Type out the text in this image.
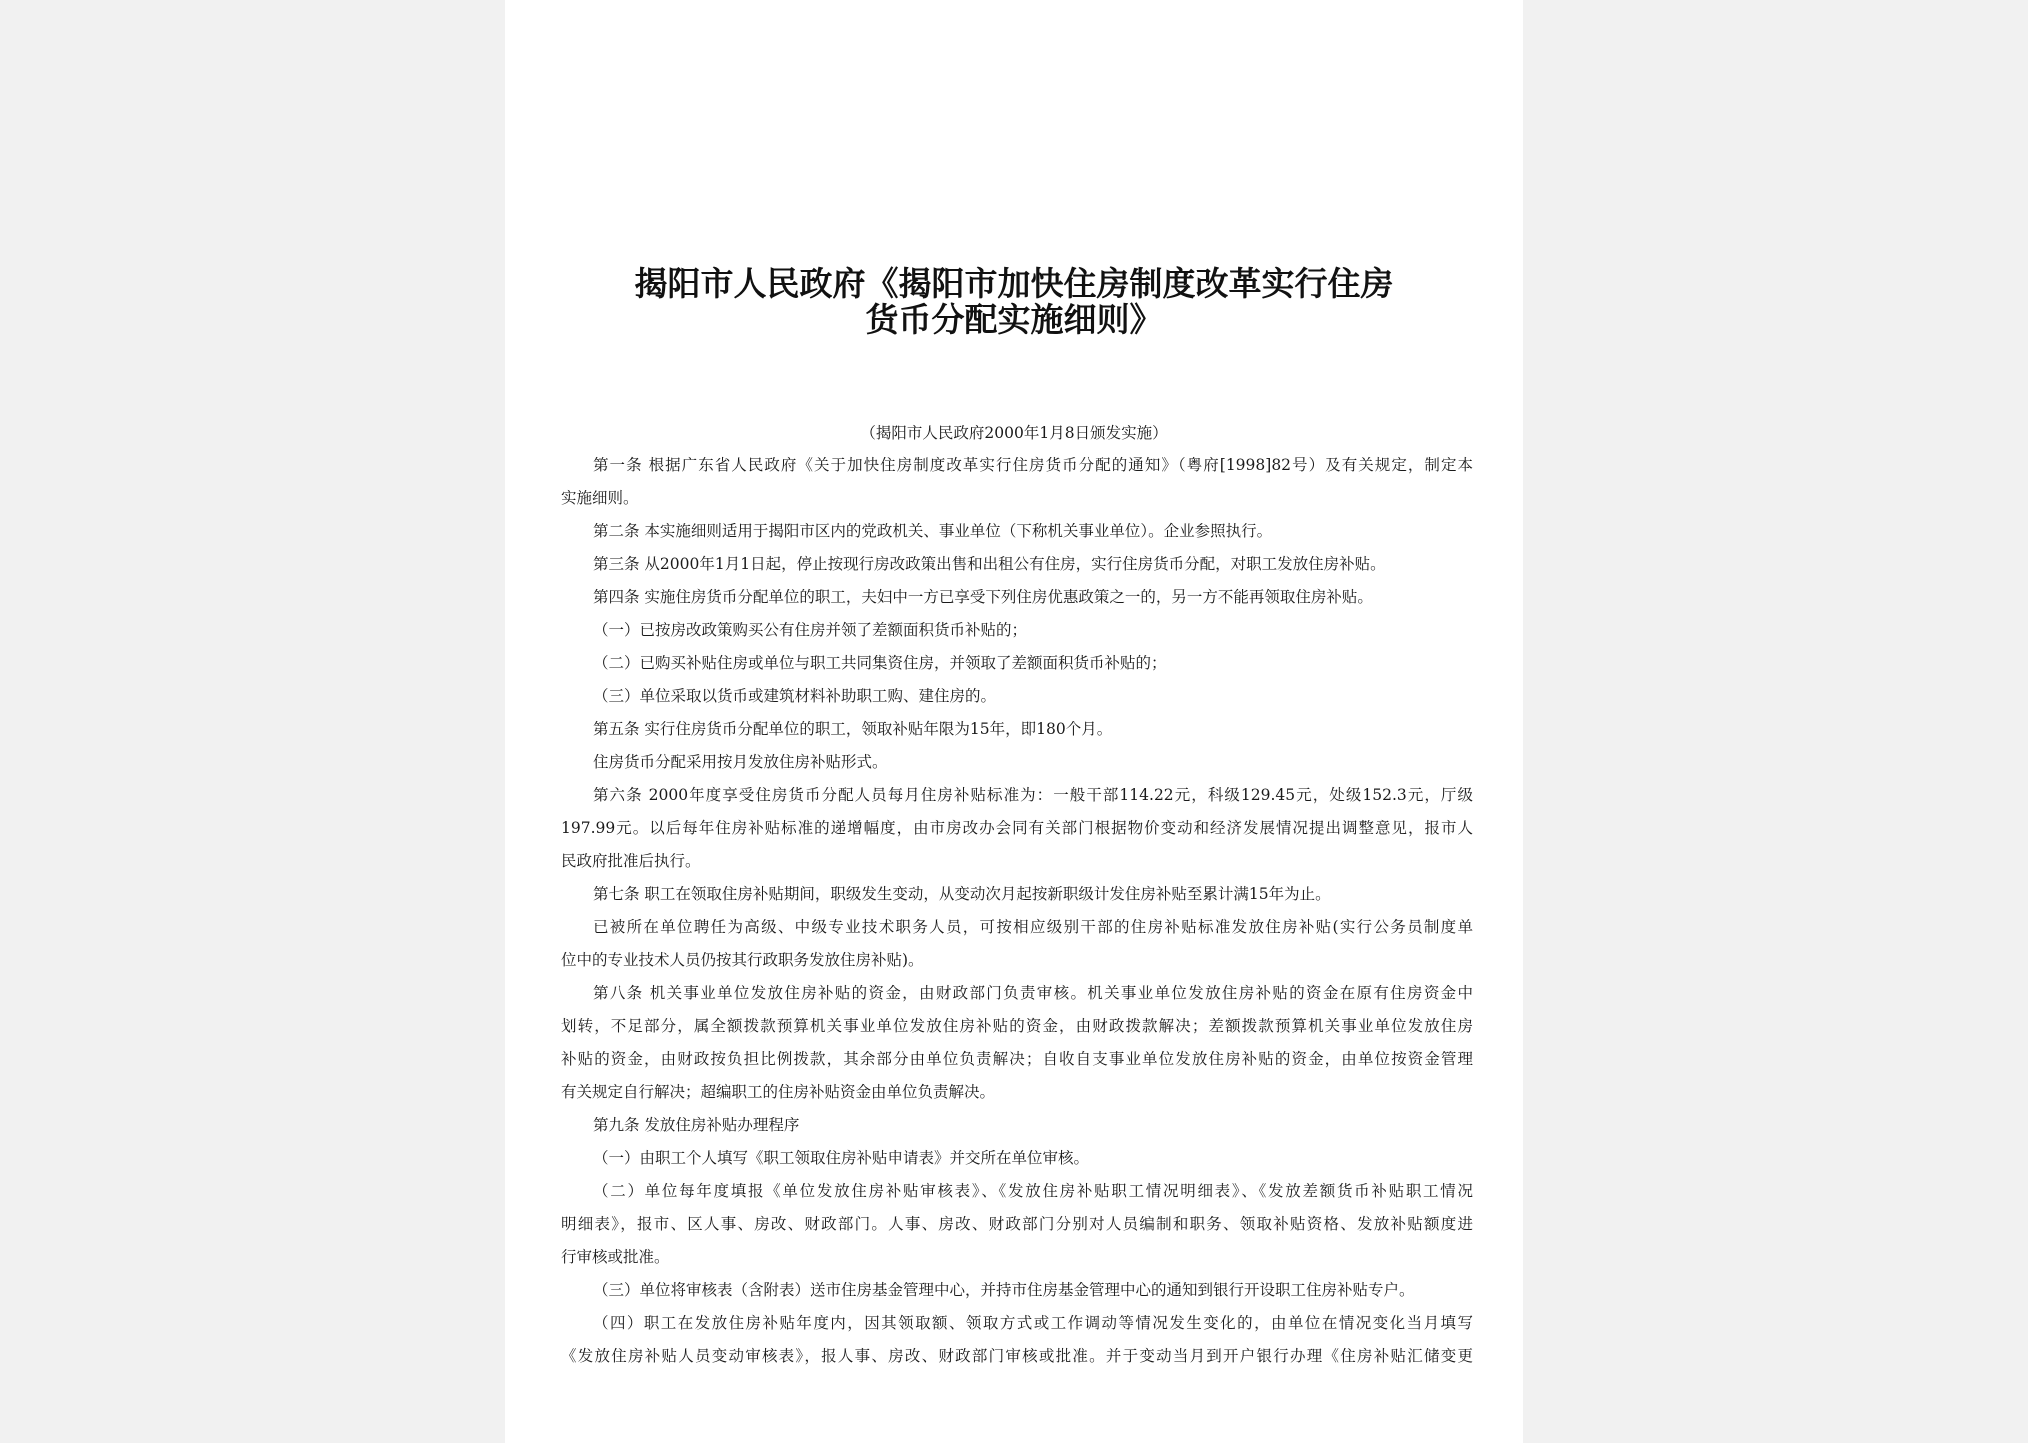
揭阳市人民政府《揭阳市加快住房制度改革实行住房
货币分配实施细则》
（揭阳市人民政府2000年1月8日颁发实施）
第一条 根据广东省人民政府《关于加快住房制度改革实行住房货币分配的通知》（粤府[1998]82号）及有关规定，制定本
实施细则。
第二条 本实施细则适用于揭阳市区内的党政机关、事业单位（下称机关事业单位）。企业参照执行。
第三条 从2000年1月1日起，停止按现行房改政策出售和出租公有住房，实行住房货币分配，对职工发放住房补贴。
第四条 实施住房货币分配单位的职工，夫妇中一方已享受下列住房优惠政策之一的，另一方不能再领取住房补贴。
（一）已按房改政策购买公有住房并领了差额面积货币补贴的；
（二）已购买补贴住房或单位与职工共同集资住房，并领取了差额面积货币补贴的；
（三）单位采取以货币或建筑材料补助职工购、建住房的。
第五条 实行住房货币分配单位的职工，领取补贴年限为15年，即180个月。
住房货币分配采用按月发放住房补贴形式。
第六条 2000年度享受住房货币分配人员每月住房补贴标准为：一般干部114.22元，科级129.45元，处级152.3元，厅级
197.99元。以后每年住房补贴标准的递增幅度，由市房改办会同有关部门根据物价变动和经济发展情况提出调整意见，报市人
民政府批准后执行。
第七条 职工在领取住房补贴期间，职级发生变动，从变动次月起按新职级计发住房补贴至累计满15年为止。
已被所在单位聘任为高级、中级专业技术职务人员，可按相应级别干部的住房补贴标准发放住房补贴(实行公务员制度单
位中的专业技术人员仍按其行政职务发放住房补贴)。
第八条 机关事业单位发放住房补贴的资金，由财政部门负责审核。机关事业单位发放住房补贴的资金在原有住房资金中
划转，不足部分，属全额拨款预算机关事业单位发放住房补贴的资金，由财政拨款解决；差额拨款预算机关事业单位发放住房
补贴的资金，由财政按负担比例拨款，其余部分由单位负责解决；自收自支事业单位发放住房补贴的资金，由单位按资金管理
有关规定自行解决；超编职工的住房补贴资金由单位负责解决。
第九条 发放住房补贴办理程序
（一）由职工个人填写《职工领取住房补贴申请表》并交所在单位审核。
（二）单位每年度填报《单位发放住房补贴审核表》、《发放住房补贴职工情况明细表》、《发放差额货币补贴职工情况
明细表》，报市、区人事、房改、财政部门。人事、房改、财政部门分别对人员编制和职务、领取补贴资格、发放补贴额度进
行审核或批准。
（三）单位将审核表（含附表）送市住房基金管理中心，并持市住房基金管理中心的通知到银行开设职工住房补贴专户。
（四）职工在发放住房补贴年度内，因其领取额、领取方式或工作调动等情况发生变化的，由单位在情况变化当月填写
《发放住房补贴人员变动审核表》，报人事、房改、财政部门审核或批准。并于变动当月到开户银行办理《住房补贴汇储变更
